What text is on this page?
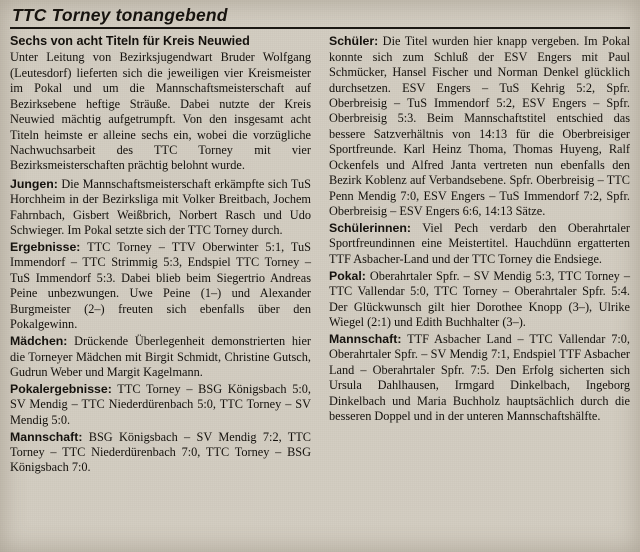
TTC Torney tonangebend
Sechs von acht Titeln für Kreis Neuwied

Unter Leitung von Bezirksjugendwart Bruder Wolfgang (Leutesdorf) lieferten sich die jeweiligen vier Kreismeister im Pokal und um die Mannschaftsmeisterschaft auf Bezirksebene heftige Sträuße. Dabei nutzte der Kreis Neuwied mächtig aufgetrumpft. Von den insgesamt acht Titeln heimste er alleine sechs ein, wobei die vorzügliche Nachwuchsarbeit des TTC Torney mit vier Bezirksmeisterschaften prächtig belohnt wurde.

Jungen: Die Mannschaftsmeisterschaft erkämpfte sich TuS Horchheim in der Bezirksliga mit Volker Breitbach, Jochem Fahrnbach, Gisbert Weißbrich, Norbert Rasch und Udo Schwieger. Im Pokal setzte sich der TTC Torney durch.

Ergebnisse: TTC Torney – TTV Oberwinter 5:1, TuS Immendorf – TTC Strimmig 5:3, Endspiel TTC Torney – TuS Immendorf 5:3. Dabei blieb beim Siegertrio Andreas Peine unbezwungen. Uwe Peine (1–) und Alexander Burgmeister (2–) freuten sich ebenfalls über den Pokalgewinn.

Mädchen: Drückende Überlegenheit demonstrierten hier die Torneyer Mädchen mit Birgit Schmidt, Christine Gutsch, Gudrun Weber und Margit Kagelmann.

Pokalergebnisse: TTC Torney – BSG Königsbach 5:0, SV Mendig – TTC Niederdürenbach 5:0, TTC Torney – SV Mendig 5:0.

Mannschaft: BSG Königsbach – SV Mendig 7:2, TTC Torney – TTC Niederdürenbach 7:0, TTC Torney – BSG Königsbach 7:0.

Schüler: Die Titel wurden hier knapp vergeben. Im Pokal konnte sich zum Schluß der ESV Engers mit Paul Schmücker, Hansel Fischer und Norman Denkel glücklich durchsetzen. ESV Engers – TuS Kehrig 5:2, Spfr. Oberbreisig – TuS Immendorf 5:2, ESV Engers – Spfr. Oberbreisig 5:3. Beim Mannschaftstitel entschied das bessere Satzverhältnis von 14:13 für die Oberbreisiger Sportfreunde. Karl Heinz Thoma, Thomas Huyeng, Ralf Ockenfels und Alfred Janta vertreten nun ebenfalls den Bezirk Koblenz auf Verbandsebene. Spfr. Oberbreisig – TTC Penn Mendig 7:0, ESV Engers – TuS Immendorf 7:2, Spfr. Oberbreisig – ESV Engers 6:6, 14:13 Sätze.

Schülerinnen: Viel Pech verdarb den Oberahrtaler Sportfreundinnen eine Meistertitel. Hauchdünn ergatterten TTF Asbacher-Land und der TTC Torney die Endsiege.

Pokal: Oberahrtaler Spfr. – SV Mendig 5:3, TTC Torney – TTC Vallendar 5:0, TTC Torney – Oberahrtaler Spfr. 5:4. Der Glückwunsch gilt hier Dorothee Knopp (3–), Ulrike Wiegel (2:1) und Edith Buchhalter (3–).

Mannschaft: TTF Asbacher Land – TTC Vallendar 7:0, Oberahrtaler Spfr. – SV Mendig 7:1, Endspiel TTF Asbacher Land – Oberahrtaler Spfr. 7:5. Den Erfolg sicherten sich Ursula Dahlhausen, Irmgard Dinkelbach, Ingeborg Dinkelbach und Maria Buchholz hauptsächlich durch die besseren Doppel und in der unteren Mannschaftshälfte.
